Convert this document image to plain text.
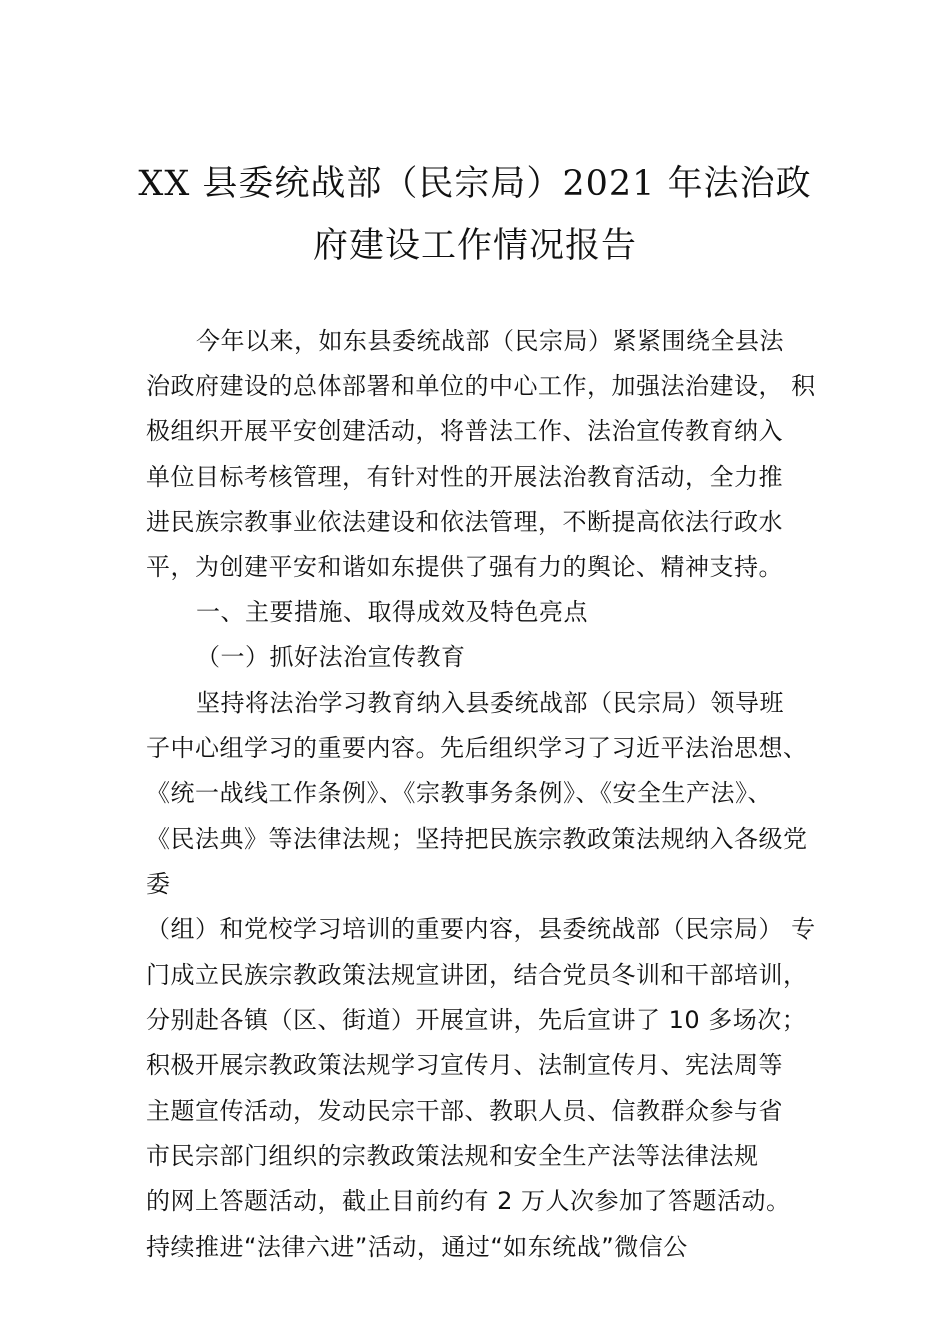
XX 县委统战部（民宗局）2021 年法治政
府建设工作情况报告
今年以来，如东县委统战部（民宗局）紧紧围绕全县法
治政府建设的总体部署和单位的中心工作，加强法治建设， 积
极组织开展平安创建活动，将普法工作、法治宣传教育纳入
单位目标考核管理，有针对性的开展法治教育活动，全力推
进民族宗教事业依法建设和依法管理，不断提高依法行政水
平，为创建平安和谐如东提供了强有力的舆论、精神支持。
一、主要措施、取得成效及特色亮点
（一）抓好法治宣传教育
坚持将法治学习教育纳入县委统战部（民宗局）领导班
子中心组学习的重要内容。先后组织学习了习近平法治思想、
《统一战线工作条例》、《宗教事务条例》、《安全生产法》、
《民法典》等法律法规；坚持把民族宗教政策法规纳入各级党
委
（组）和党校学习培训的重要内容，县委统战部（民宗局） 专
门成立民族宗教政策法规宣讲团，结合党员冬训和干部培训，
分别赴各镇（区、街道）开展宣讲，先后宣讲了 10 多场次；
积极开展宗教政策法规学习宣传月、法制宣传月、宪法周等
主题宣传活动，发动民宗干部、教职人员、信教群众参与省
市民宗部门组织的宗教政策法规和安全生产法等法律法规
的网上答题活动，截止目前约有 2 万人次参加了答题活动。
持续推进“法律六进”活动，通过“如东统战”微信公
